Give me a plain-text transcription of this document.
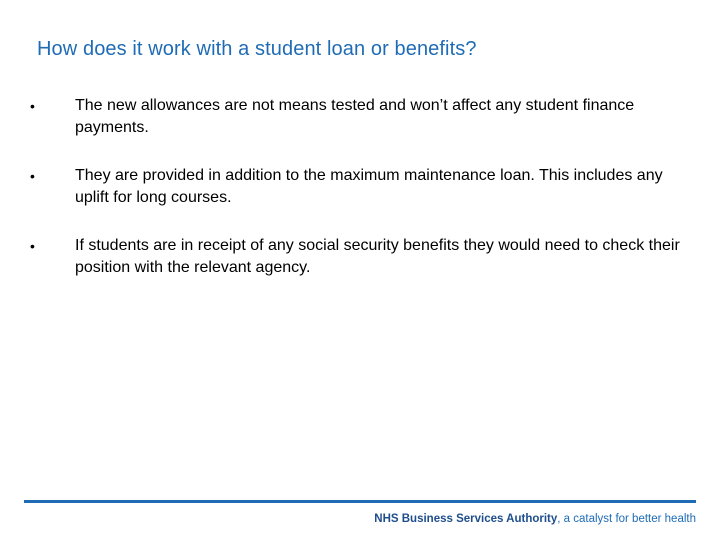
How does it work with a student loan or benefits?
•	The new allowances are not means tested and won’t affect any student finance payments.
•	They are provided in addition to the maximum maintenance loan. This includes any uplift for long courses.
•	If students are in receipt of any social security benefits they would need to check their position with the relevant agency.
NHS Business Services Authority, a catalyst for better health
